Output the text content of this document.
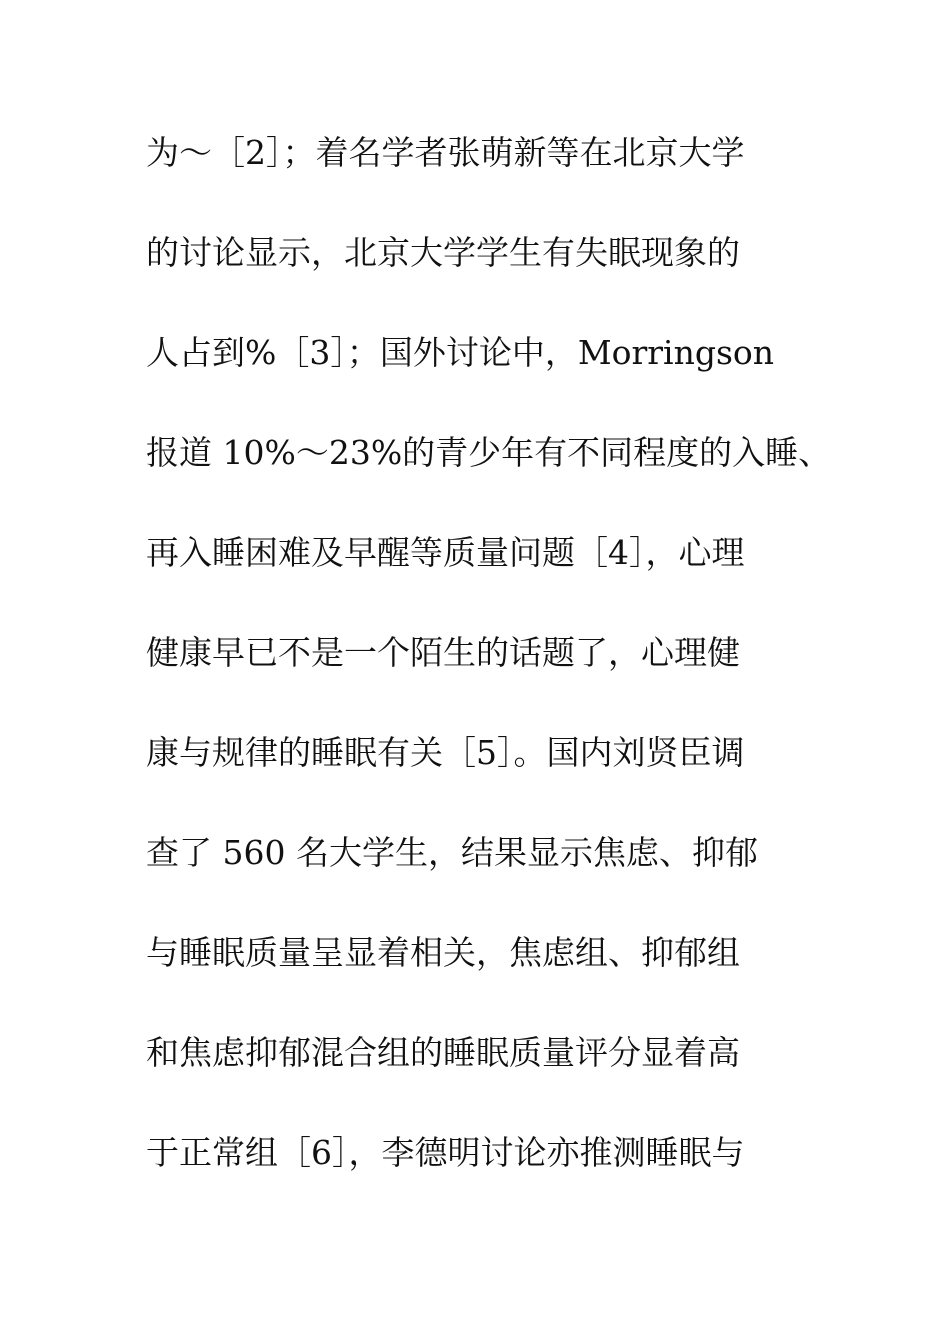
为～［2］；着名学者张萌新等在北京大学
的讨论显示，北京大学学生有失眠现象的
人占到%［3］；国外讨论中，Morringson
报道 10%～23%的青少年有不同程度的入睡、
再入睡困难及早醒等质量问题［4］，心理
健康早已不是一个陌生的话题了，心理健
康与规律的睡眠有关［5］。国内刘贤臣调
查了 560 名大学生，结果显示焦虑、抑郁
与睡眠质量呈显着相关，焦虑组、抑郁组
和焦虑抑郁混合组的睡眠质量评分显着高
于正常组［6］，李德明讨论亦推测睡眠与
